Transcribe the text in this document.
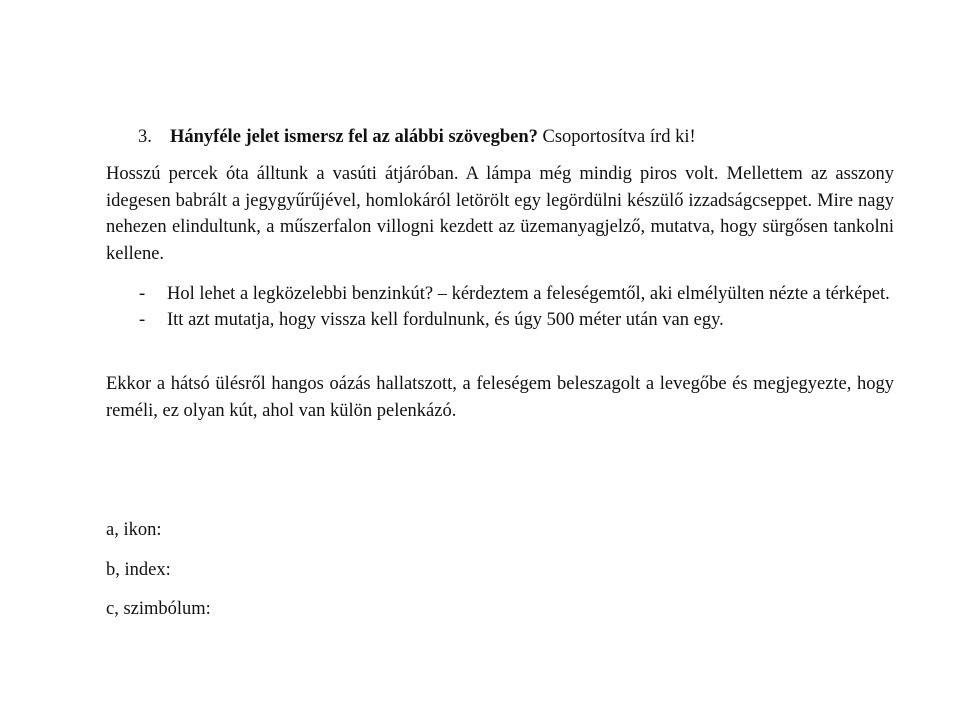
3. Hányféle jelet ismersz fel az alábbi szövegben? Csoportosítva írd ki!

Hosszú percek óta álltunk a vasúti átjáróban. A lámpa még mindig piros volt. Mellettem az asszony idegesen babrált a jegygyűrűjével, homlokáról letörölt egy legördülni készülő izzadságcseppet. Mire nagy nehezen elindultunk, a műszerfalon villogni kezdett az üzemanyagjelző, mutatva, hogy sürgősen tankolni kellene.

- Hol lehet a legközelebbi benzinkút? – kérdeztem a feleségemtől, aki elmélyülten nézte a térképet.
- Itt azt mutatja, hogy vissza kell fordulnunk, és úgy 500 méter után van egy.

Ekkor a hátsó ülésről hangos oázás hallatszott, a feleségem beleszagolt a levegőbe és megjegyezte, hogy reméli, ez olyan kút, ahol van külön pelenkázó.

a, ikon:
b, index:
c, szimbólum:
